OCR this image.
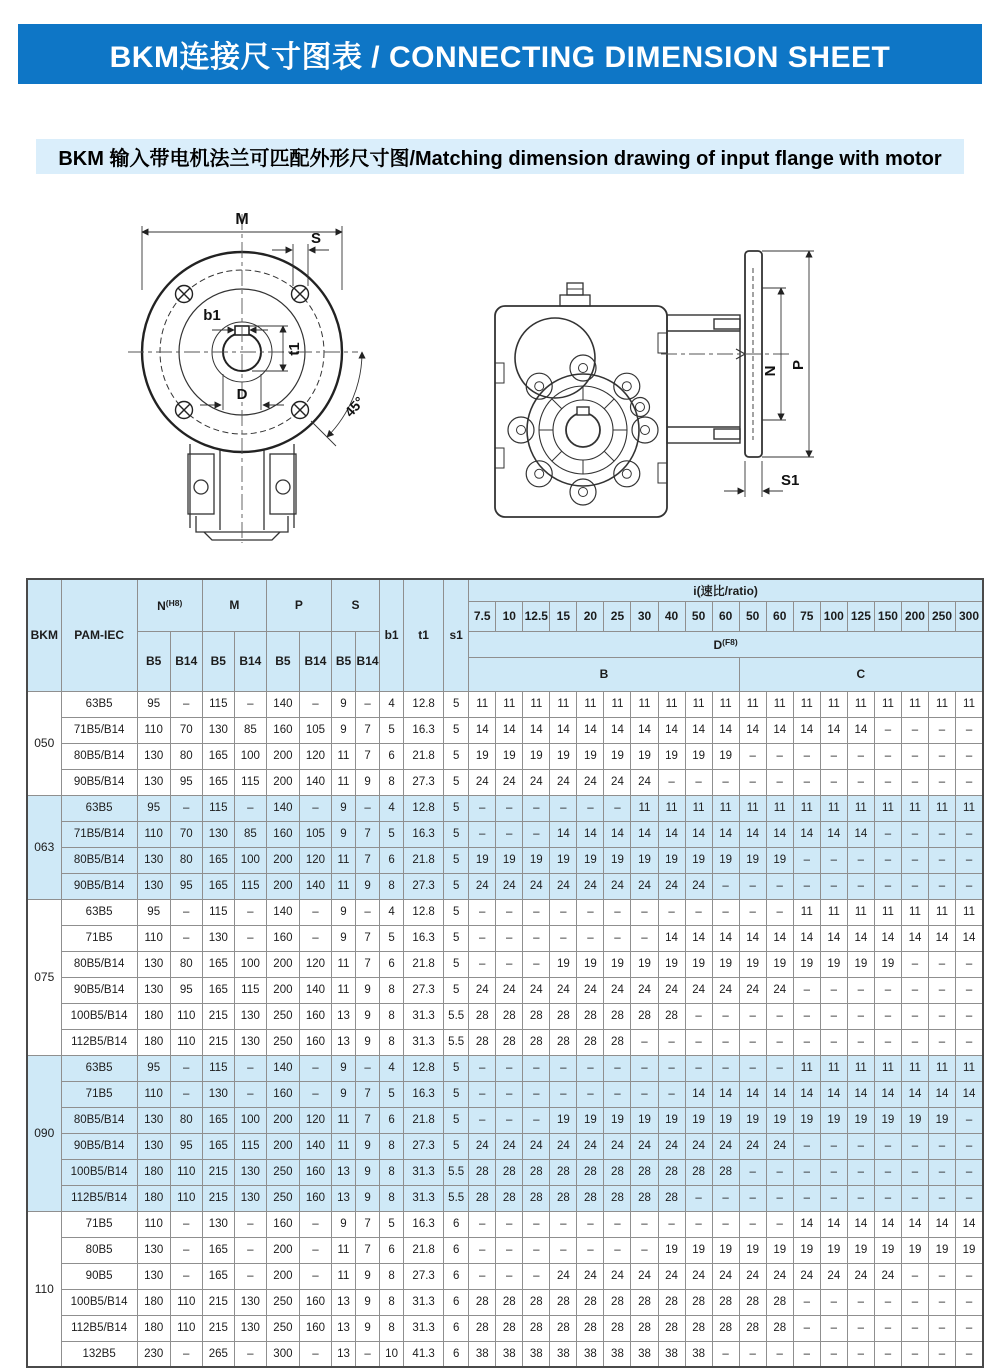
BKM连接尺寸图表 / CONNECTING DIMENSION SHEET
BKM 输入带电机法兰可匹配外形尺寸图/Matching dimension drawing of input flange with motor
M
S
b1
t1
D	45°
N
P
S1
BKM	PAM-IEC	$N^{(H8)}$		M		P		S		b1	t1	s1	i(速比/ratio)																		
													7.5	10	12.5	15	20	25	30	40	50	60	50	60	75	100	125	150	200	250	300
		B5	B14	B5	B14	B5	B14	B5	B14				$D^{(F8)}$
													B										C								
050	63B5	95	–	115	–	140	–	9	–	4	12.8	5	11	11	11	11	11	11	11	11	11	11	11	11	11	11	11	11	11	11	11
	71B5/B14	110	70	130	85	160	105	9	7	5	16.3	5	14	14	14	14	14	14	14	14	14	14	14	14	14	14	14	–	–	–	–
	80B5/B14	130	80	165	100	200	120	11	7	6	21.8	5	19	19	19	19	19	19	19	19	19	19	–	–	–	–	–	–	–	–	–
	90B5/B14	130	95	165	115	200	140	11	9	8	27.3	5	24	24	24	24	24	24	24	–	–	–	–	–	–	–	–	–	–	–	–
063	63B5	95	–	115	–	140	–	9	–	4	12.8	5	–	–	–	–	–	–	11	11	11	11	11	11	11	11	11	11	11	11	11
	71B5/B14	110	70	130	85	160	105	9	7	5	16.3	5	–	–	–	14	14	14	14	14	14	14	14	14	14	14	14	–	–	–	–
	80B5/B14	130	80	165	100	200	120	11	7	6	21.8	5	19	19	19	19	19	19	19	19	19	19	19	19	–	–	–	–	–	–	–
	90B5/B14	130	95	165	115	200	140	11	9	8	27.3	5	24	24	24	24	24	24	24	24	24	–	–	–	–	–	–	–	–	–	–
075	63B5	95	–	115	–	140	–	9	–	4	12.8	5	–	–	–	–	–	–	–	–	–	–	–	–	11	11	11	11	11	11	11
	71B5	110	–	130	–	160	–	9	7	5	16.3	5	–	–	–	–	–	–	–	14	14	14	14	14	14	14	14	14	14	14	14
	80B5/B14	130	80	165	100	200	120	11	7	6	21.8	5	–	–	–	19	19	19	19	19	19	19	19	19	19	19	19	19	–	–	–
	90B5/B14	130	95	165	115	200	140	11	9	8	27.3	5	24	24	24	24	24	24	24	24	24	24	24	24	–	–	–	–	–	–	–
	100B5/B14	180	110	215	130	250	160	13	9	8	31.3	5.5	28	28	28	28	28	28	28	28	–	–	–	–	–	–	–	–	–	–	–
	112B5/B14	180	110	215	130	250	160	13	9	8	31.3	5.5	28	28	28	28	28	28	–	–	–	–	–	–	–	–	–	–	–	–	–
090	63B5	95	–	115	–	140	–	9	–	4	12.8	5	–	–	–	–	–	–	–	–	–	–	–	–	11	11	11	11	11	11	11
	71B5	110	–	130	–	160	–	9	7	5	16.3	5	–	–	–	–	–	–	–	–	14	14	14	14	14	14	14	14	14	14	14
	80B5/B14	130	80	165	100	200	120	11	7	6	21.8	5	–	–	–	19	19	19	19	19	19	19	19	19	19	19	19	19	19	19	–
	90B5/B14	130	95	165	115	200	140	11	9	8	27.3	5	24	24	24	24	24	24	24	24	24	24	24	24	–	–	–	–	–	–	–
	100B5/B14	180	110	215	130	250	160	13	9	8	31.3	5.5	28	28	28	28	28	28	28	28	28	28	–	–	–	–	–	–	–	–	–
	112B5/B14	180	110	215	130	250	160	13	9	8	31.3	5.5	28	28	28	28	28	28	28	28	–	–	–	–	–	–	–	–	–	–	–
110	71B5	110	–	130	–	160	–	9	7	5	16.3	6	–	–	–	–	–	–	–	–	–	–	–	–	14	14	14	14	14	14	14
	80B5	130	–	165	–	200	–	11	7	6	21.8	6	–	–	–	–	–	–	–	19	19	19	19	19	19	19	19	19	19	19	19
	90B5	130	–	165	–	200	–	11	9	8	27.3	6	–	–	–	24	24	24	24	24	24	24	24	24	24	24	24	24	–	–	–
	100B5/B14	180	110	215	130	250	160	13	9	8	31.3	6	28	28	28	28	28	28	28	28	28	28	28	28	–	–	–	–	–	–	–
	112B5/B14	180	110	215	130	250	160	13	9	8	31.3	6	28	28	28	28	28	28	28	28	28	28	28	28	–	–	–	–	–	–	–
	132B5	230	–	265	–	300	–	13	–	10	41.3	6	38	38	38	38	38	38	38	38	38	–	–	–	–	–	–	–	–	–	–
